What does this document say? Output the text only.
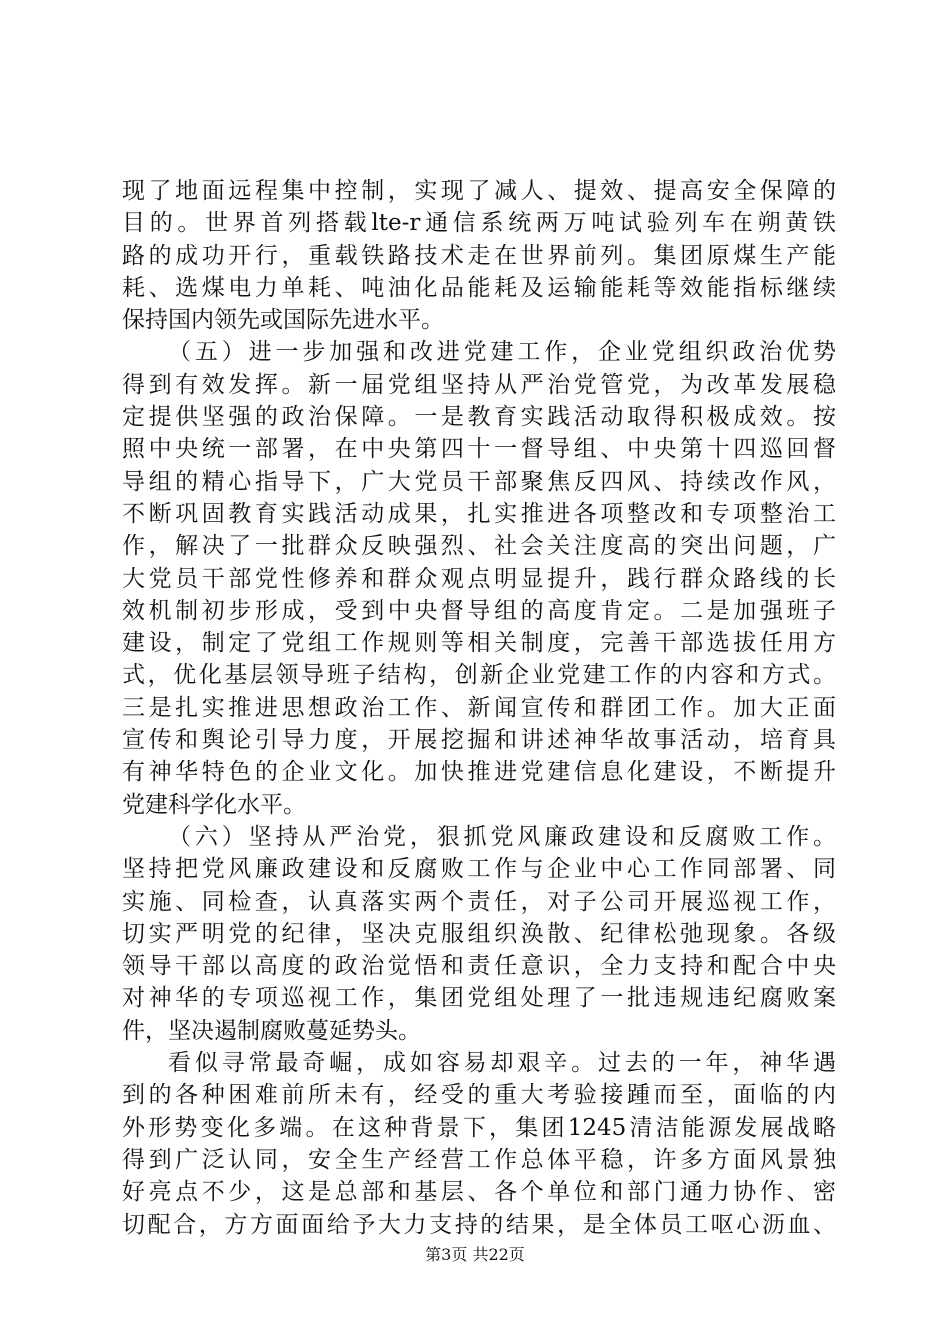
现了地面远程集中控制，实现了减人、提效、提高安全保障的
目的。世界首列搭载lte-r通信系统两万吨试验列车在朔黄铁
路的成功开行，重载铁路技术走在世界前列。集团原煤生产能
耗、选煤电力单耗、吨油化品能耗及运输能耗等效能指标继续
保持国内领先或国际先进水平。
（五）进一步加强和改进党建工作，企业党组织政治优势
得到有效发挥。新一届党组坚持从严治党管党，为改革发展稳
定提供坚强的政治保障。一是教育实践活动取得积极成效。按
照中央统一部署，在中央第四十一督导组、中央第十四巡回督
导组的精心指导下，广大党员干部聚焦反四风、持续改作风，
不断巩固教育实践活动成果，扎实推进各项整改和专项整治工
作，解决了一批群众反映强烈、社会关注度高的突出问题，广
大党员干部党性修养和群众观点明显提升，践行群众路线的长
效机制初步形成，受到中央督导组的高度肯定。二是加强班子
建设，制定了党组工作规则等相关制度，完善干部选拔任用方
式，优化基层领导班子结构，创新企业党建工作的内容和方式。
三是扎实推进思想政治工作、新闻宣传和群团工作。加大正面
宣传和舆论引导力度，开展挖掘和讲述神华故事活动，培育具
有神华特色的企业文化。加快推进党建信息化建设，不断提升
党建科学化水平。
（六）坚持从严治党，狠抓党风廉政建设和反腐败工作。
坚持把党风廉政建设和反腐败工作与企业中心工作同部署、同
实施、同检查，认真落实两个责任，对子公司开展巡视工作，
切实严明党的纪律，坚决克服组织涣散、纪律松弛现象。各级
领导干部以高度的政治觉悟和责任意识，全力支持和配合中央
对神华的专项巡视工作，集团党组处理了一批违规违纪腐败案
件，坚决遏制腐败蔓延势头。
看似寻常最奇崛，成如容易却艰辛。过去的一年，神华遇
到的各种困难前所未有，经受的重大考验接踵而至，面临的内
外形势变化多端。在这种背景下，集团1245清洁能源发展战略
得到广泛认同，安全生产经营工作总体平稳，许多方面风景独
好亮点不少，这是总部和基层、各个单位和部门通力协作、密
切配合，方方面面给予大力支持的结果，是全体员工呕心沥血、
第3页 共22页
